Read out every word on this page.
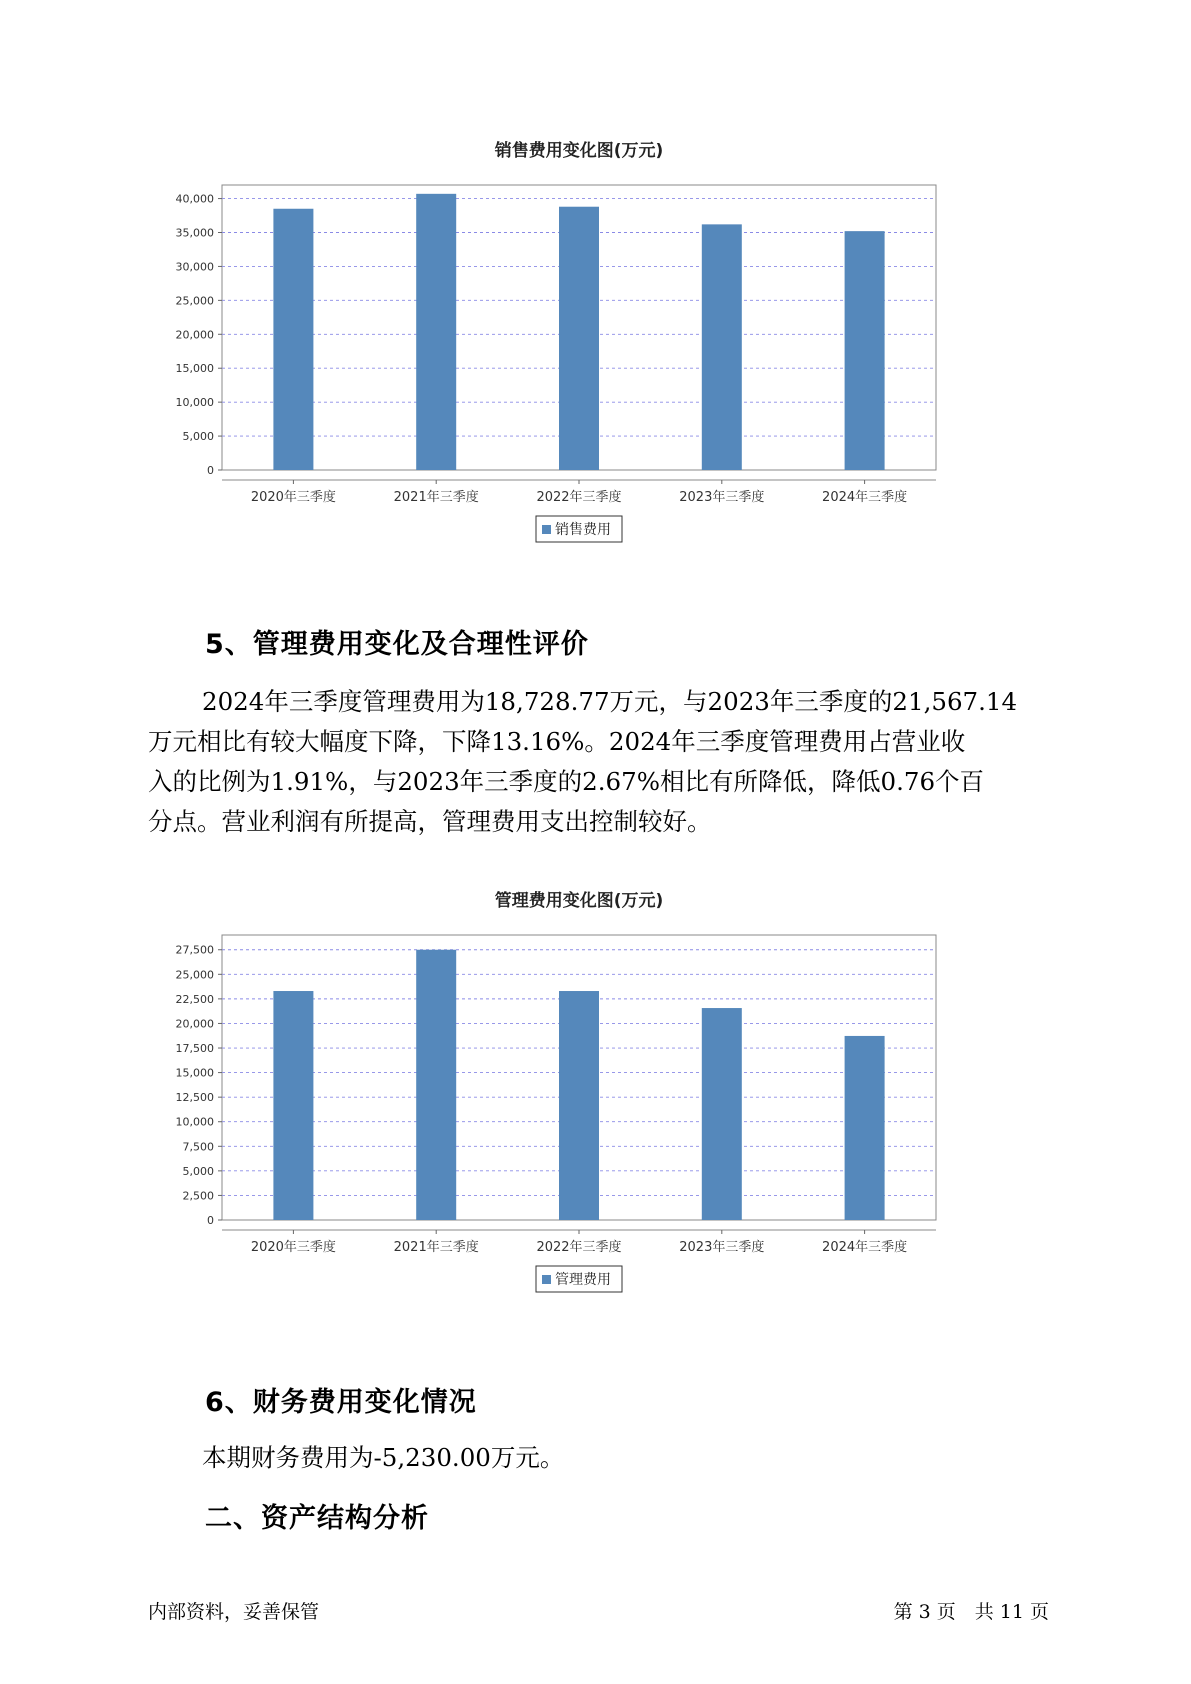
销售费用变化图(万元)
0
5,000
10,000
15,000
20,000
25,000
30,000
35,000
40,000
2020年三季度	2021年三季度	2022年三季度	2023年三季度	2024年三季度
销售费用
5、管理费用变化及合理性评价

2024年三季度管理费用为18,728.77万元，与2023年三季度的21,567.14

万元相比有较大幅度下降，下降13.16%。2024年三季度管理费用占营业收

入的比例为1.91%，与2023年三季度的2.67%相比有所降低，降低0.76个百

分点。营业利润有所提高，管理费用支出控制较好。

管理费用变化图(万元)
0
2,500
5,000
7,500
10,000
12,500
15,000
17,500
20,000
22,500
25,000
27,500
2020年三季度	2021年三季度	2022年三季度	2023年三季度	2024年三季度
管理费用
6、财务费用变化情况

本期财务费用为-5,230.00万元。

二、资产结构分析
内部资料，妥善保管	第 3 页　共 11 页
